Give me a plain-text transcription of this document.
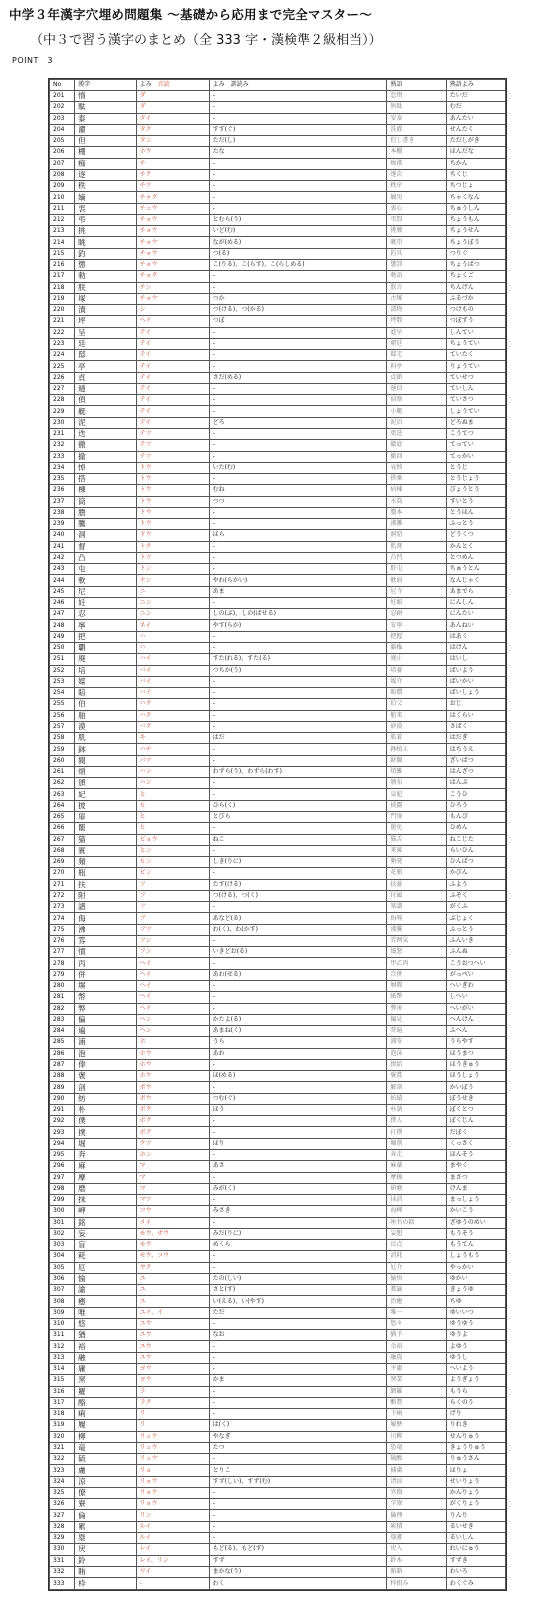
中学３年漢字穴埋め問題集 〜基礎から応用まで完全マスター〜
（中３で習う漢字のまとめ（全 333 字・漢検準２級相当））
POINT　3
No	漢字	よみ　 音読	よみ　訓読み	熟語	熟語よみ
201	惰	ダ	-	怠惰	たいだ
202	駄	ダ	-	無駄	むだ
203	泰	タイ	-	安泰	あんたい
204	濯	タク	すす(ぐ)	洗濯	せんたく
205	但	タン	ただ(し)	但し書き	ただしがき
206	棚	ホウ	たな	本棚	ほんだな
207	痴	チ	-	痴漢	ちかん
208	逐	チク	-	逐次	ちくじ
209	秩	チツ	-	秩序	ちつじょ
210	嫡	チャク	-	嫡男	ちゃくなん
211	衷	チュウ	-	衷心	ちゅうしん
212	弔	チョウ	とむら(う)	弔問	ちょうもん
213	挑	チョウ	いど(む)	挑戦	ちょうせん
214	眺	チョウ	なが(める)	眺望	ちょうぼう
215	釣	チョウ	つ(る)	釣具	つりぐ
216	懲	チョウ	こ(りる)、こ(らす)、こ(らしめる)	懲罰	ちょうばつ
217	勅	チョク	-	勅語	ちょくご
218	朕	チン	-	朕言	ちんげん
219	塚	チョウ	つか	古塚	ふるづか
220	漬	シ	つ(ける)、つ(かる)	漬物	つけもの
221	坪	ヘイ	つぼ	坪数	つぼすう
222	呈	テイ	-	進呈	しんてい
223	廷	テイ	-	朝廷	ちょうてい
224	邸	テイ	-	邸宅	ていたく
225	亭	テイ	-	料亭	りょうてい
226	貞	テイ	さだ(める)	貞節	ていせつ
227	逓	テイ	-	逓信	ていしん
228	偵	テイ	-	偵察	ていさつ
229	艇	テイ	-	小艇	しょうてい
230	泥	デイ	どろ	泥沼	どろぬま
231	迭	テツ	-	更迭	こうてつ
232	徹	テツ	-	徹底	てってい
233	撤	テツ	-	撤回	てっかい
234	悼	トウ	いた(む)	哀悼	とうじ
235	搭	トウ	-	搭乗	とうじょう
236	棟	トウ	むね	病棟	びょうとう
237	筒	トウ	つつ	水筒	すいとう
238	謄	トウ	-	謄本	とうほん
239	騰	トウ	-	沸騰	ふっとう
240	洞	ドウ	ほら	洞窟	どうくつ
241	督	トク	-	監督	かんとく
242	凸	トツ	-	凸凹	とつめん
243	屯	トン	-	駐屯	ちゅうとん
244	軟	ナン	やわ(らかい)	軟弱	なんじゃく
245	尼	ニ	あま	尼寺	あまでら
246	妊	ニン	-	妊娠	にんしん
247	忍	ニン	しの(ぶ)、しの(ばせる)	忍耐	にんたい
248	寧	ネイ	やす(らか)	安寧	あんねい
249	把	ハ	-	把握	はあく
250	覇	ハ	-	覇権	はけん
251	廃	ハイ	すた(れる)、すた(る)	廃止	はいし
252	培	バイ	つちか(う)	培養	ばいよう
253	媒	バイ	-	媒介	ばいかい
254	賠	バイ	-	賠償	ばいしょう
255	伯	ハク	-	伯父	おじ
256	舶	ハク	-	舶来	はくらい
257	漠	バク	-	砂漠	さばく
258	肌	キ	はだ	肌着	はだぎ
259	鉢	ハチ	-	鉢植え	はちうえ
260	閥	バツ	-	財閥	ざいばつ
261	煩	ハン	わずら(う)、わずら(わす)	煩雑	はんざつ
262	頒	ハン	-	頒布	はんぷ
263	妃	ヒ	-	皇妃	こうひ
264	披	ヒ	ひら(く)	披露	ひろう
265	扉	ヒ	とびら	門扉	もんぴ
266	罷	ヒ	-	罷免	ひめん
267	猫	ビョウ	ねこ	猫舌	ねこじた
268	賓	ヒン	-	来賓	らいひん
269	頻	ヒン	しき(りに)	頻発	ひんぱつ
270	瓶	ビン	-	花瓶	かびん
271	扶	フ	たす(ける)	扶養	ふよう
272	附	フ	つ(ける)、つ(く)	付属	ふぞく
273	譜	フ	-	楽譜	がくふ
274	侮	ブ	あなど(る)	侮辱	ぶじょく
275	沸	フツ	わ(く)、わ(かす)	沸騰	ふっとう
276	雰	フン	-	雰囲気	ふんいき
277	憤	フン	いきどお(る)	憤怒	ふんぬ
278	丙	ヘイ	-	甲乙丙	こうおつへい
279	併	ヘイ	あわ(せる)	合併	がっぺい
280	塀	ヘイ	-	塀際	へいぎわ
281	幣	ヘイ	-	紙幣	しへい
282	弊	ヘイ	-	弊害	へいがい
283	偏	ヘン	かたよ(る)	偏見	へんけん
284	遍	ヘン	あまね(く)	普遍	ふへん
285	浦	ホ	うら	浦安	うらやす
286	泡	ホウ	あわ	泡沫	ほうまつ
287	俸	ホウ	-	俸給	ほうきゅう
288	褒	ホウ	ほ(める)	褒賞	ほうしょう
289	剖	ボウ	-	解剖	かいぼう
290	紡	ボウ	つむ(ぐ)	紡績	ぼうせき
291	朴	ボク	ほう	朴訥	ぼくとつ
292	僕	ボク	-	僕人	ぼくじん
293	撲	ボク	-	打撲	だぼく
294	堀	クツ	ほり	堀削	くっさく
295	奔	ホン	-	奔走	ほんそう
296	麻	マ	あさ	麻薬	まやく
297	摩	マ	-	摩擦	まさつ
298	磨	マ	みが(く)	研磨	けんま
299	抹	マツ	-	抹消	まっしょう
300	岬	コウ	みさき	海岬	かいこう
301	銘	メイ	-	座右の銘	ざゆうのめい
302	妄	モウ、ボウ	みだ(りに)	妄想	もうそう
303	盲	モウ	めくら	盲点	もうてん
304	耗	モウ、コウ	-	消耗	しょうもう
305	厄	ヤク	-	厄介	やっかい
306	愉	ユ	たの(しい)	愉快	ゆかい
307	諭	ユ	さと(す)	教諭	きょうゆ
308	癒	ユ	い(える)、い(やす)	治癒	ちゆ
309	唯	ユイ、イ	ただ	唯一	ゆいいつ
310	悠	ユウ	-	悠々	ゆうゆう
311	猶	ユウ	なお	猶予	ゆうよ
312	裕	ユウ	-	余裕	よゆう
313	融	ユウ	-	融資	ゆうし
314	庸	ヨウ	-	平庸	へいよう
315	窯	ヨウ	かま	窯業	ようぎょう
316	羅	ラ	-	網羅	もうら
317	酪	ラク	-	酪農	らくのう
318	痢	リ	-	下痢	げり
319	履	リ	は(く)	履歴	りれき
320	柳	リュウ	やなぎ	川柳	せんりゅう
321	竜	リュウ	たつ	恐竜	きょうりゅう
322	硫	リュウ	-	硫酸	りゅうさん
323	虜	リョ	とりこ	捕虜	ほりょ
324	涼	リョウ	すず(しい)、すず(む)	清涼	せいりょう
325	僚	リョウ	-	官僚	かんりょう
326	寮	リョウ	-	学寮	がくりょう
327	倫	リン	-	倫理	りんり
328	累	ルイ	-	累積	るいせき
329	塁	ルイ	-	塁審	るいしん
330	戻	レイ	もど(る)、もど(す)	戻入	れいにゅう
331	鈴	レイ、リン	すず	鈴木	すずき
332	賄	ワイ	まかな(う)	賄賂	わいろ
333	枠	-	わく	枠組み	わくぐみ
